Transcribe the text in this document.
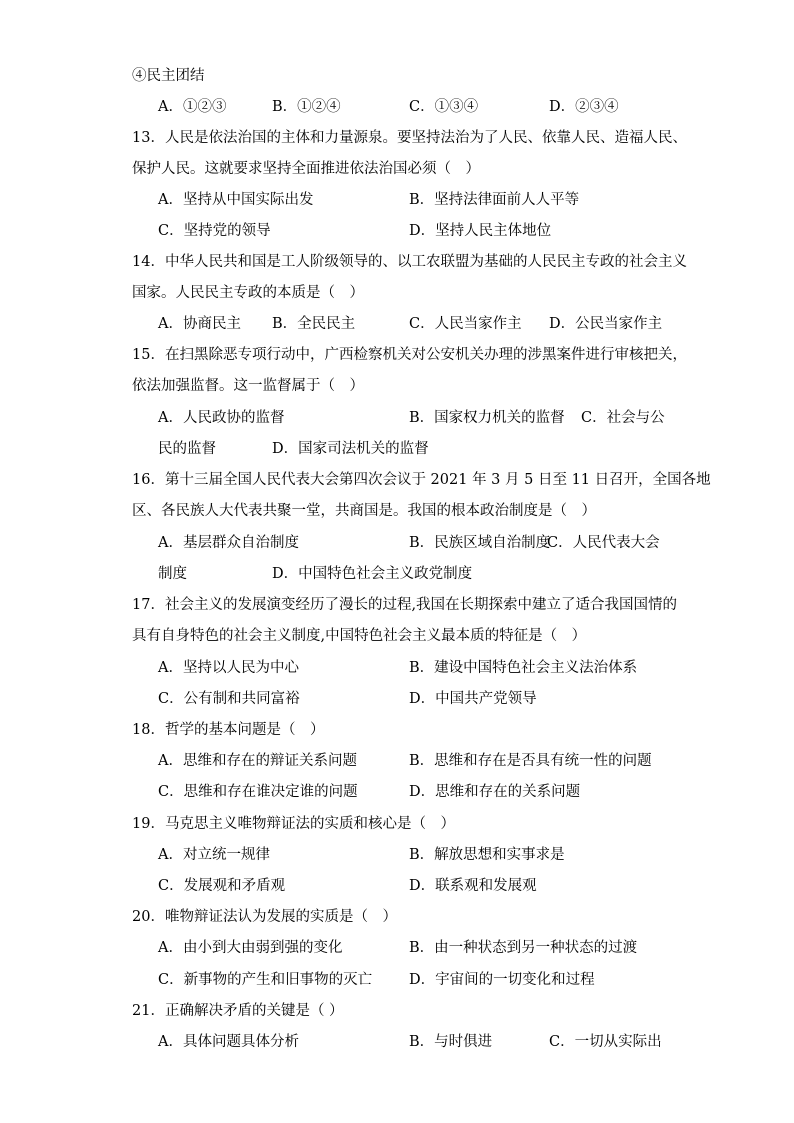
④民主团结
A．①②③	B．①②④	C．①③④	D．②③④
13．人民是依法治国的主体和力量源泉。要坚持法治为了人民、依靠人民、造福人民、
保护人民。这就要求坚持全面推进依法治国必须（　）
A．坚持从中国实际出发	B．坚持法律面前人人平等
C．坚持党的领导	D．坚持人民主体地位
14．中华人民共和国是工人阶级领导的、以工农联盟为基础的人民民主专政的社会主义
国家。人民民主专政的本质是（　）
A．协商民主 B．全民民主	C．人民当家作主 D．公民当家作主
15．在扫黑除恶专项行动中，广西检察机关对公安机关办理的涉黑案件进行审核把关，
依法加强监督。这一监督属于（　）
A．人民政协的监督	B．国家权力机关的监督 C．社会与公
民的监督	D．国家司法机关的监督
16．第十三届全国人民代表大会第四次会议于 2021 年 3 月 5 日至 11 日召开，全国各地
区、各民族人大代表共聚一堂，共商国是。我国的根本政治制度是（　）
A．基层群众自治制度	B．民族区域自治制度
C．人民代表大会
制度	D．中国特色社会主义政党制度
17．社会主义的发展演变经历了漫长的过程,我国在长期探索中建立了适合我国国情的
具有自身特色的社会主义制度,中国特色社会主义最本质的特征是（　）
A．坚持以人民为中心	B．建设中国特色社会主义法治体系
C．公有制和共同富裕	D．中国共产党领导
18．哲学的基本问题是（　）
A．思维和存在的辩证关系问题	B．思维和存在是否具有统一性的问题
C．思维和存在谁决定谁的问题	D．思维和存在的关系问题
19．马克思主义唯物辩证法的实质和核心是（　）
A．对立统一规律	B．解放思想和实事求是
C．发展观和矛盾观	D．联系观和发展观
20．唯物辩证法认为发展的实质是（　）
A．由小到大由弱到强的变化	B．由一种状态到另一种状态的过渡
C．新事物的产生和旧事物的灭亡	D．宇宙间的一切变化和过程
21．正确解决矛盾的关键是（ ）
A．具体问题具体分析	B．与时俱进	C．一切从实际出
